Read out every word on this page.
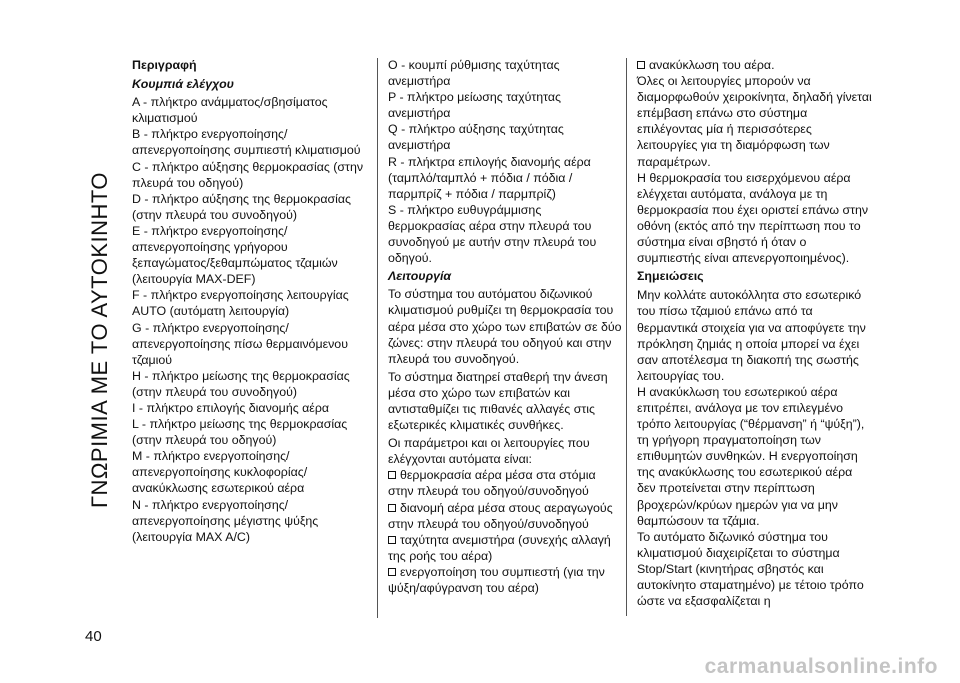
ΓΝΩΡΙΜΙΑ ΜΕ ΤΟ ΑΥΤΟΚΙΝΗΤΟ
40

Περιγραφή

Κουμπιά ελέγχου

A - πλήκτρο ανάμματος/σβησίματος κλιματισμού

B - πλήκτρο ενεργοποίησης/απενεργοποίησης συμπιεστή κλιματισμού

C - πλήκτρο αύξησης θερμοκρασίας (στην πλευρά του οδηγού)

D - πλήκτρο αύξησης της θερμοκρασίας (στην πλευρά του συνοδηγού)

E - πλήκτρο ενεργοποίησης/απενεργοποίησης γρήγορου ξεπαγώματος/ξεθαμπώματος τζαμιών (λειτουργία MAX-DEF)

F - πλήκτρο ενεργοποίησης λειτουργίας AUTO (αυτόματη λειτουργία)

G - πλήκτρο ενεργοποίησης/απενεργοποίησης πίσω θερμαινόμενου τζαμιού

H - πλήκτρο μείωσης της θερμοκρασίας (στην πλευρά του συνοδηγού)

I - πλήκτρο επιλογής διανομής αέρα

L - πλήκτρο μείωσης της θερμοκρασίας (στην πλευρά του οδηγού)

M - πλήκτρο ενεργοποίησης/απενεργοποίησης κυκλοφορίας/ανακύκλωσης εσωτερικού αέρα

N - πλήκτρο ενεργοποίησης/απενεργοποίησης μέγιστης ψύξης (λειτουργία MAX A/C)

O - κουμπί ρύθμισης ταχύτητας ανεμιστήρα

P - πλήκτρο μείωσης ταχύτητας ανεμιστήρα

Q - πλήκτρο αύξησης ταχύτητας ανεμιστήρα

R - πλήκτρα επιλογής διανομής αέρα (ταμπλό/ταμπλό + πόδια / πόδια / παρμπρίζ + πόδια / παρμπρίζ)

S - πλήκτρο ευθυγράμμισης θερμοκρασίας αέρα στην πλευρά του συνοδηγού με αυτήν στην πλευρά του οδηγού.

Λειτουργία

Το σύστημα του αυτόματου διζωνικού κλιματισμού ρυθμίζει τη θερμοκρασία του αέρα μέσα στο χώρο των επιβατών σε δύο ζώνες: στην πλευρά του οδηγού και στην πλευρά του συνοδηγού.

Το σύστημα διατηρεί σταθερή την άνεση μέσα στο χώρο των επιβατών και αντισταθμίζει τις πιθανές αλλαγές στις εξωτερικές κλιματικές συνθήκες.

Οι παράμετροι και οι λειτουργίες που ελέγχονται αυτόματα είναι:

θερμοκρασία αέρα μέσα στα στόμια στην πλευρά του οδηγού/συνοδηγού

διανομή αέρα μέσα στους αεραγωγούς στην πλευρά του οδηγού/συνοδηγού

ταχύτητα ανεμιστήρα (συνεχής αλλαγή της ροής του αέρα)

ενεργοποίηση του συμπιεστή (για την ψύξη/αφύγρανση του αέρα)

ανακύκλωση του αέρα.

Όλες οι λειτουργίες μπορούν να διαμορφωθούν χειροκίνητα, δηλαδή γίνεται επέμβαση επάνω στο σύστημα επιλέγοντας μία ή περισσότερες λειτουργίες για τη διαμόρφωση των παραμέτρων.

Η θερμοκρασία του εισερχόμενου αέρα ελέγχεται αυτόματα, ανάλογα με τη θερμοκρασία που έχει οριστεί επάνω στην οθόνη (εκτός από την περίπτωση που το σύστημα είναι σβηστό ή όταν ο συμπιεστής είναι απενεργοποιημένος).

Σημειώσεις

Μην κολλάτε αυτοκόλλητα στο εσωτερικό του πίσω τζαμιού επάνω από τα θερμαντικά στοιχεία για να αποφύγετε την πρόκληση ζημιάς η οποία μπορεί να έχει σαν αποτέλεσμα τη διακοπή της σωστής λειτουργίας του.

Η ανακύκλωση του εσωτερικού αέρα επιτρέπει, ανάλογα με τον επιλεγμένο τρόπο λειτουργίας (“θέρμανση” ή “ψύξη”), τη γρήγορη πραγματοποίηση των επιθυμητών συνθηκών. Η ενεργοποίηση της ανακύκλωσης του εσωτερικού αέρα δεν προτείνεται στην περίπτωση βροχερών/κρύων ημερών για να μην θαμπώσουν τα τζάμια.

Το αυτόματο διζωνικό σύστημα του κλιματισμού διαχειρίζεται το σύστημα Stop/Start (κινητήρας σβηστός και αυτοκίνητο σταματημένο) με τέτοιο τρόπο ώστε να εξασφαλίζεται η

carmanualsonline.info
